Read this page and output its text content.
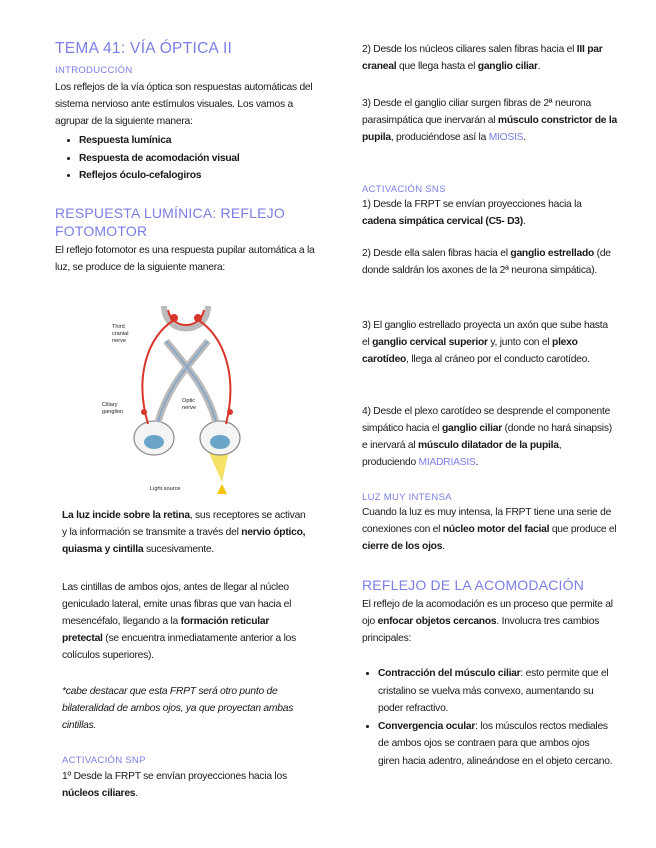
TEMA 41: VÍA ÓPTICA II
INTRODUCCIÓN

Los reflejos de la vía óptica son respuestas automáticas del sistema nervioso ante estímulos visuales. Los vamos a agrupar de la siguiente manera:

• Respuesta lumínica
• Respuesta de acomodación visual
• Reflejos óculo-cefalogiros
RESPUESTA LUMÍNICA: REFLEJO
FOTOMOTOR

El reflejo fotomotor es una respuesta pupilar automática a la luz, se produce de la siguiente manera:

Third
cranial
nerve
Ciliary
ganglion
Optic
nerve
Light source

La luz incide sobre la retina, sus receptores se activan y la información se transmite a través del nervio óptico, quiasma y cintilla sucesivamente.

Las cintillas de ambos ojos, antes de llegar al núcleo geniculado lateral, emite unas fibras que van hacia el mesencéfalo, llegando a la formación reticular pretectal (se encuentra inmediatamente anterior a los colículos superiores).

*cabe destacar que esta FRPT será otro punto de bilateralidad de ambos ojos, ya que proyectan ambas cintillas.

ACTIVACIÓN SNP

1º Desde la FRPT se envían proyecciones hacia los núcleos ciliares.

2) Desde los núcleos ciliares salen fibras hacia el III par craneal que llega hasta el ganglio ciliar.

3) Desde el ganglio ciliar surgen fibras de 2ª neurona parasimpática que inervarán al músculo constrictor de la pupila, produciéndose así la MIOSIS.

ACTIVACIÓN SNS

1) Desde la FRPT se envían proyecciones hacia la cadena simpática cervical (C5- D3).

2) Desde ella salen fibras hacia el ganglio estrellado (de donde saldrán los axones de la 2ª neurona simpática).

3) El ganglio estrellado proyecta un axón que sube hasta el ganglio cervical superior y, junto con el plexo carotídeo, llega al cráneo por el conducto carotídeo.

4) Desde el plexo carotídeo se desprende el componente simpático hacia el ganglio ciliar (donde no hará sinapsis) e inervará al músculo dilatador de la pupila, produciendo MIADRIASIS.

LUZ MUY INTENSA

Cuando la luz es muy intensa, la FRPT tiene una serie de conexiones con el núcleo motor del facial que produce el cierre de los ojos.

REFLEJO DE LA ACOMODACIÓN

El reflejo de la acomodación es un proceso que permite al ojo enfocar objetos cercanos. Involucra tres cambios principales:

• Contracción del músculo ciliar: esto permite que el cristalino se vuelva más convexo, aumentando su poder refractivo.
• Convergencia ocular: los músculos rectos mediales de ambos ojos se contraen para que ambos ojos giren hacia adentro, alineándose en el objeto cercano.
